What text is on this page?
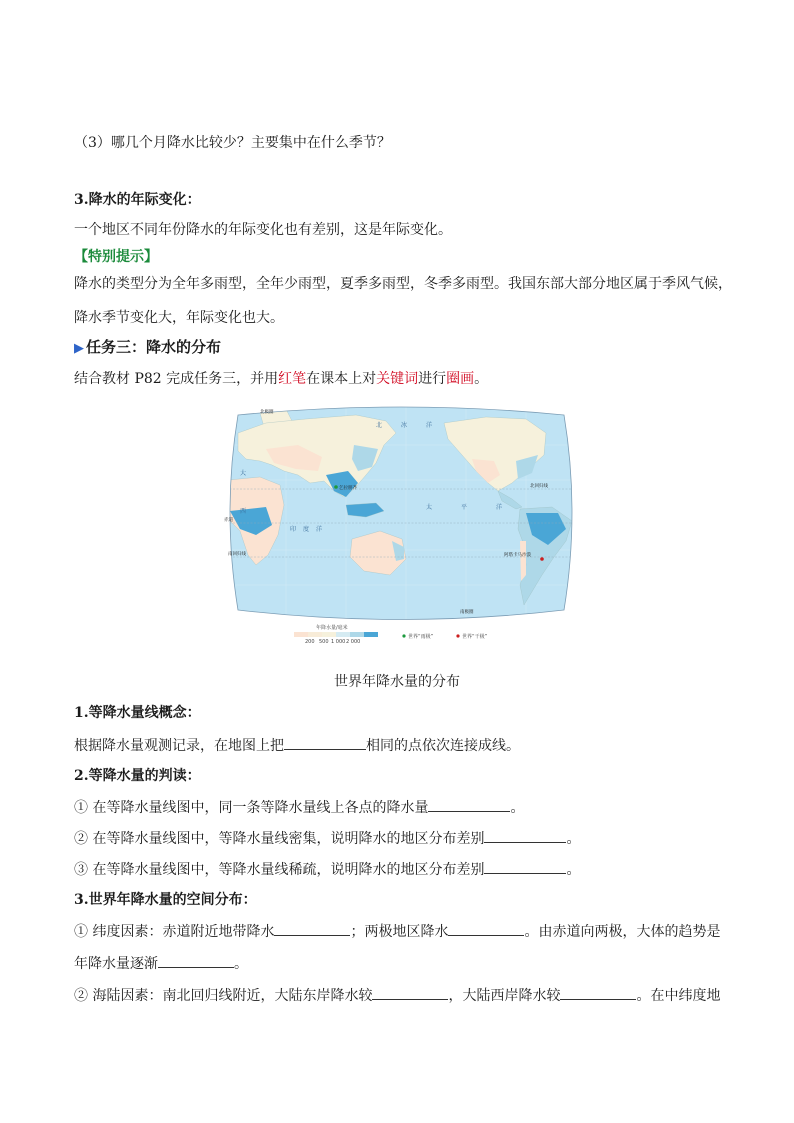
（3）哪几个月降水比较少？主要集中在什么季节？
3.降水的年际变化：
一个地区不同年份降水的年际变化也有差别，这是年际变化。
【特别提示】
降水的类型分为全年多雨型，全年少雨型，夏季多雨型，冬季多雨型。我国东部大部分地区属于季风气候，
降水季节变化大，年际变化也大。
▶ 任务三：降水的分布
结合教材 P82 完成任务三，并用红笔在课本上对关键词进行圈画。
北	冰	洋
大
西
洋
印 度
太	平	洋
北回归线
赤道
南回归线
南极圈
北极圈
乞拉朋齐
阿塔卡马沙漠
年降水量/毫米
200 500 1 000 2 000
世界“雨极”	世界“干极”
世界年降水量的分布
1.等降水量线概念：
根据降水量观测记录，在地图上把	相同的点依次连接成线。
2.等降水量的判读：
① 在等降水量线图中，同一条等降水量线上各点的降水量	。
② 在等降水量线图中，等降水量线密集，说明降水的地区分布差别	。
③ 在等降水量线图中，等降水量线稀疏，说明降水的地区分布差别	。
3.世界年降水量的空间分布：
① 纬度因素：赤道附近地带降水	；两极地区降水	。由赤道向两极，大体的趋势是
年降水量逐渐	。
② 海陆因素：南北回归线附近，大陆东岸降水较	，大陆西岸降水较	。在中纬度地
